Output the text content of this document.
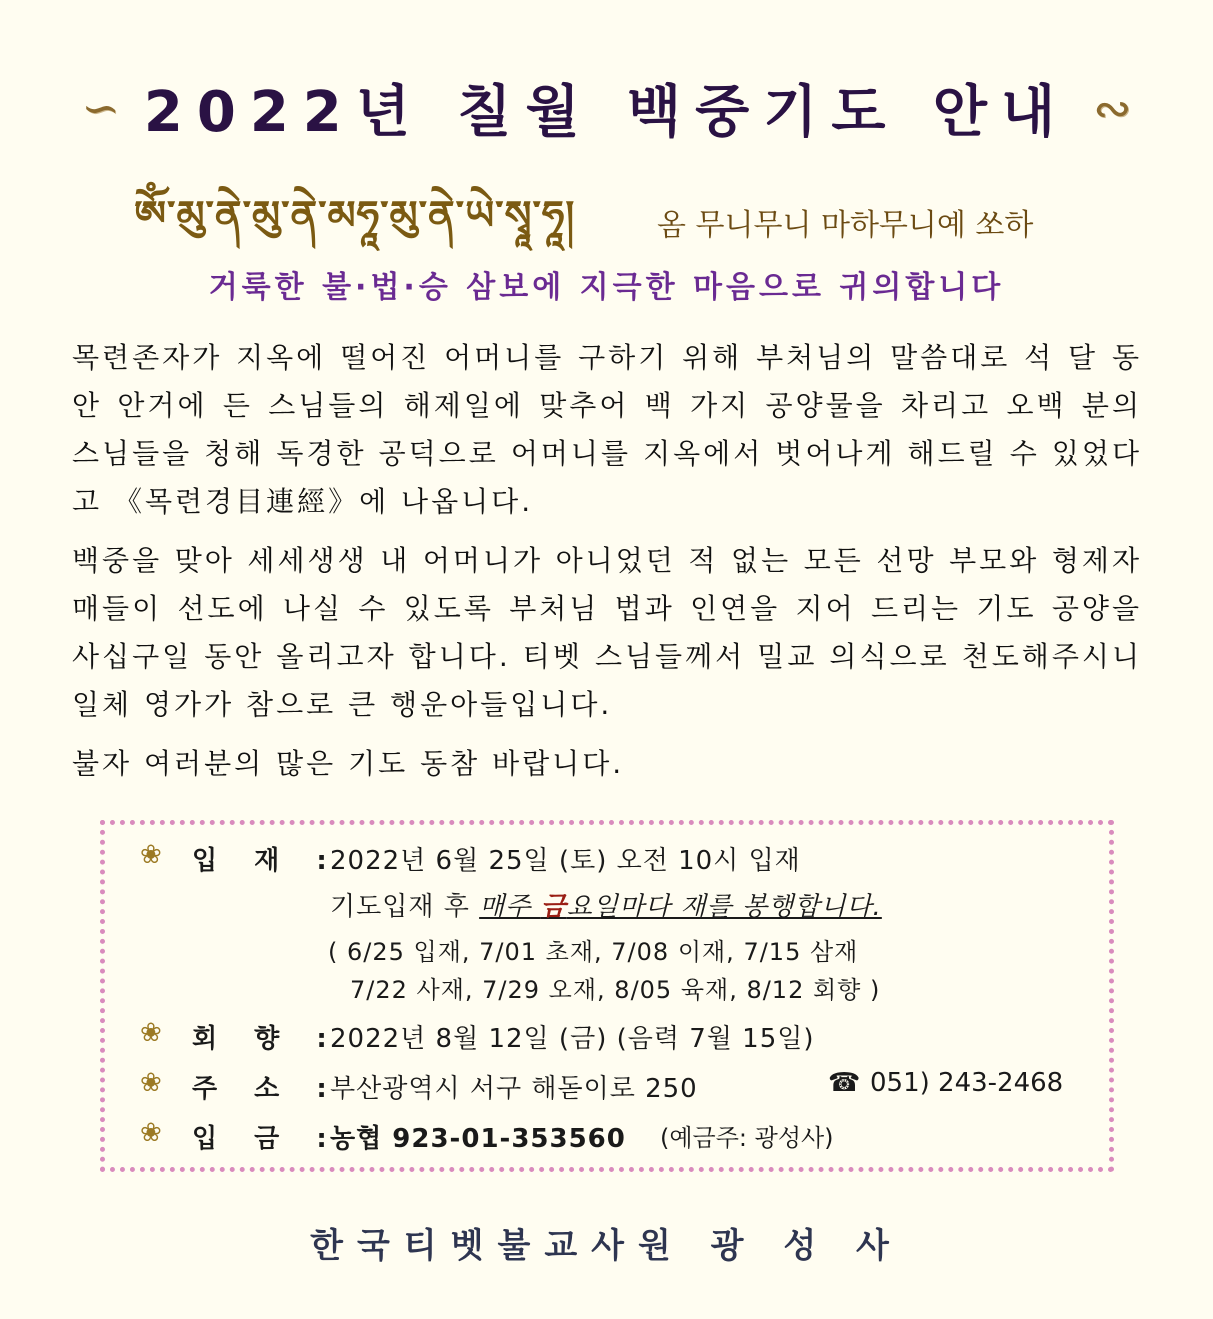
∽ 2022년 칠월 백중기도 안내 ∾
ༀ་མུ་ནེ་མུ་ནེ་མཧཱ་མུ་ནེ་ཡེ་སྭཱ་ཧཱ།	옴 무니무니 마하무니예 쏘하
거룩한 불·법·승 삼보에 지극한 마음으로 귀의합니다
목련존자가 지옥에 떨어진 어머니를 구하기 위해 부처님의 말씀대로 석 달 동안 안거에 든 스님들의 해제일에 맞추어 백 가지 공양물을 차리고 오백 분의 스님들을 청해 독경한 공덕으로 어머니를 지옥에서 벗어나게 해드릴 수 있었다고 《목련경目連經》에 나옵니다.
백중을 맞아 세세생생 내 어머니가 아니었던 적 없는 모든 선망 부모와 형제자매들이 선도에 나실 수 있도록 부처님 법과 인연을 지어 드리는 기도 공양을 사십구일 동안 올리고자 합니다. 티벳 스님들께서 밀교 의식으로 천도해주시니 일체 영가가 참으로 큰 행운아들입니다.
불자 여러분의 많은 기도 동참 바랍니다.
❀ 입 재 :
2022년 6월 25일 (토) 오전 10시 입재
기도입재 후 매주 금요일마다 재를 봉행합니다.
( 6/25 입재, 7/01 초재, 7/08 이재, 7/15 삼재
7/22 사재, 7/29 오재, 8/05 육재, 8/12 회향 )
❀ 회 향 :
2022년 8월 12일 (금) (음력 7월 15일)
❀ 주 소 :
부산광역시 서구 해돋이로 250	☎ 051) 243-2468
❀ 입 금 :
농협 923-01-353560 (예금주: 광성사)
한국티벳불교사원 광 성 사
